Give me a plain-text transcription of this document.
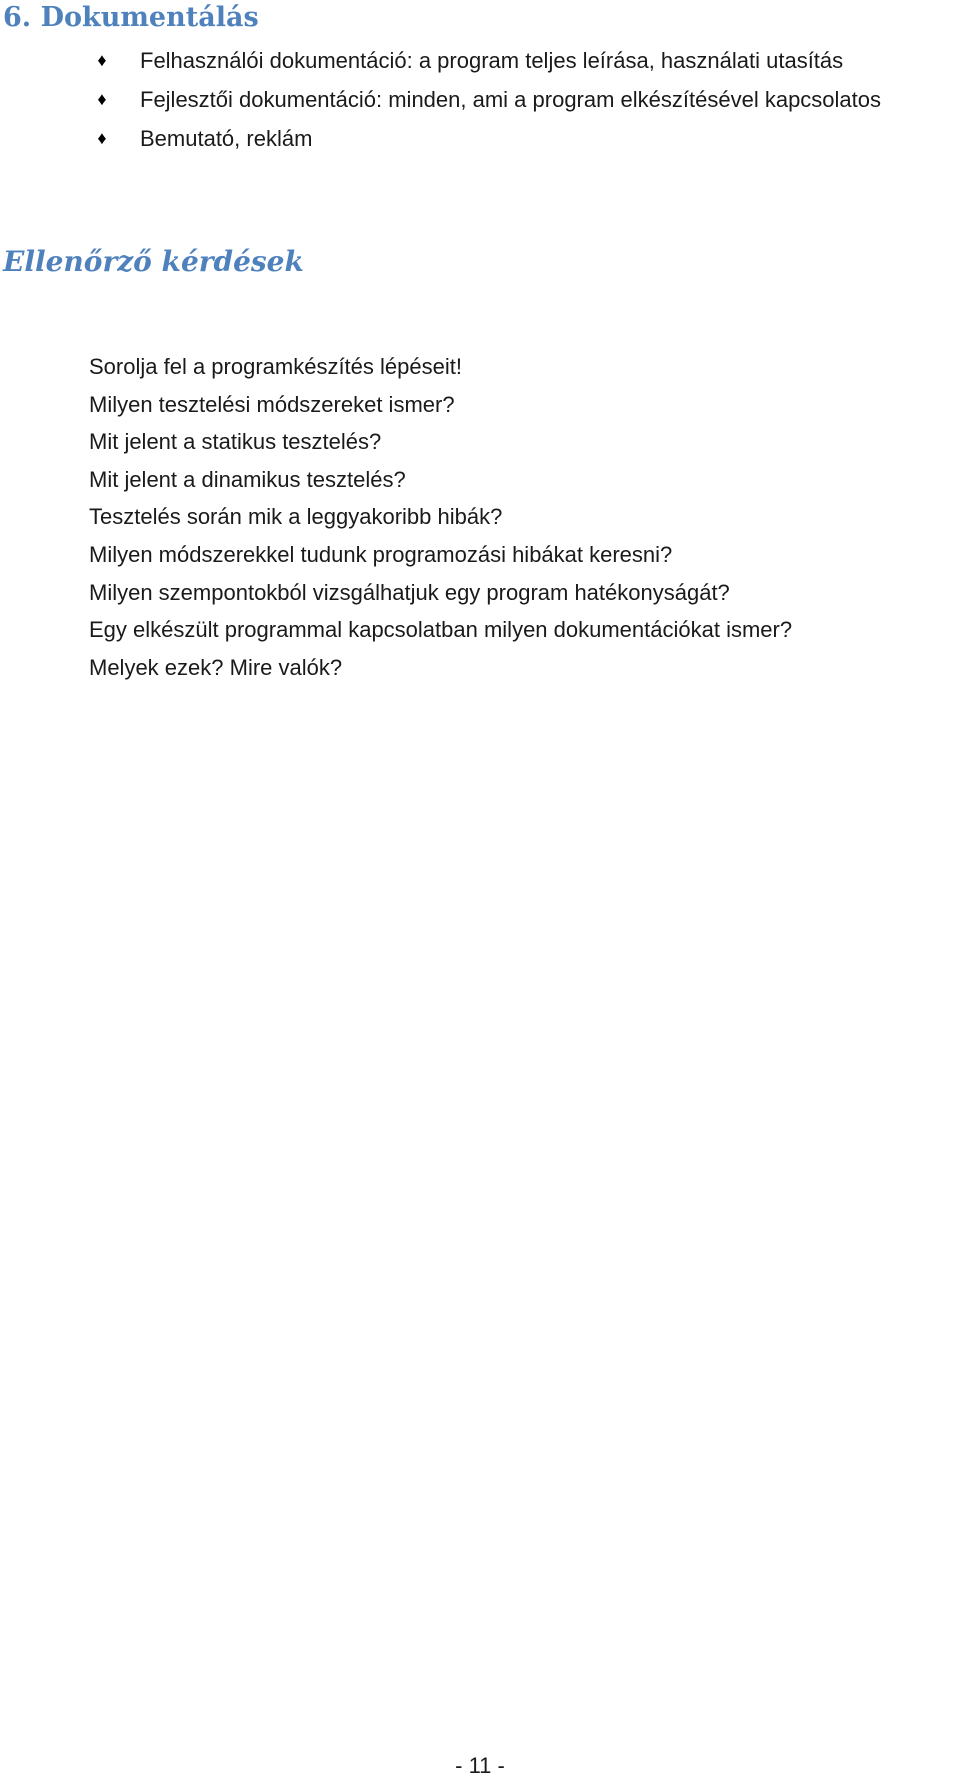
6. Dokumentálás
♦ Felhasználói dokumentáció: a program teljes leírása, használati utasítás
♦ Fejlesztői dokumentáció: minden, ami a program elkészítésével kapcsolatos
♦ Bemutató, reklám
Ellenőrző kérdések
Sorolja fel a programkészítés lépéseit!
Milyen tesztelési módszereket ismer?
Mit jelent a statikus tesztelés?
Mit jelent a dinamikus tesztelés?
Tesztelés során mik a leggyakoribb hibák?
Milyen módszerekkel tudunk programozási hibákat keresni?
Milyen szempontokból vizsgálhatjuk egy program hatékonyságát?
Egy elkészült programmal kapcsolatban milyen dokumentációkat ismer?
Melyek ezek? Mire valók?
- 11 -
